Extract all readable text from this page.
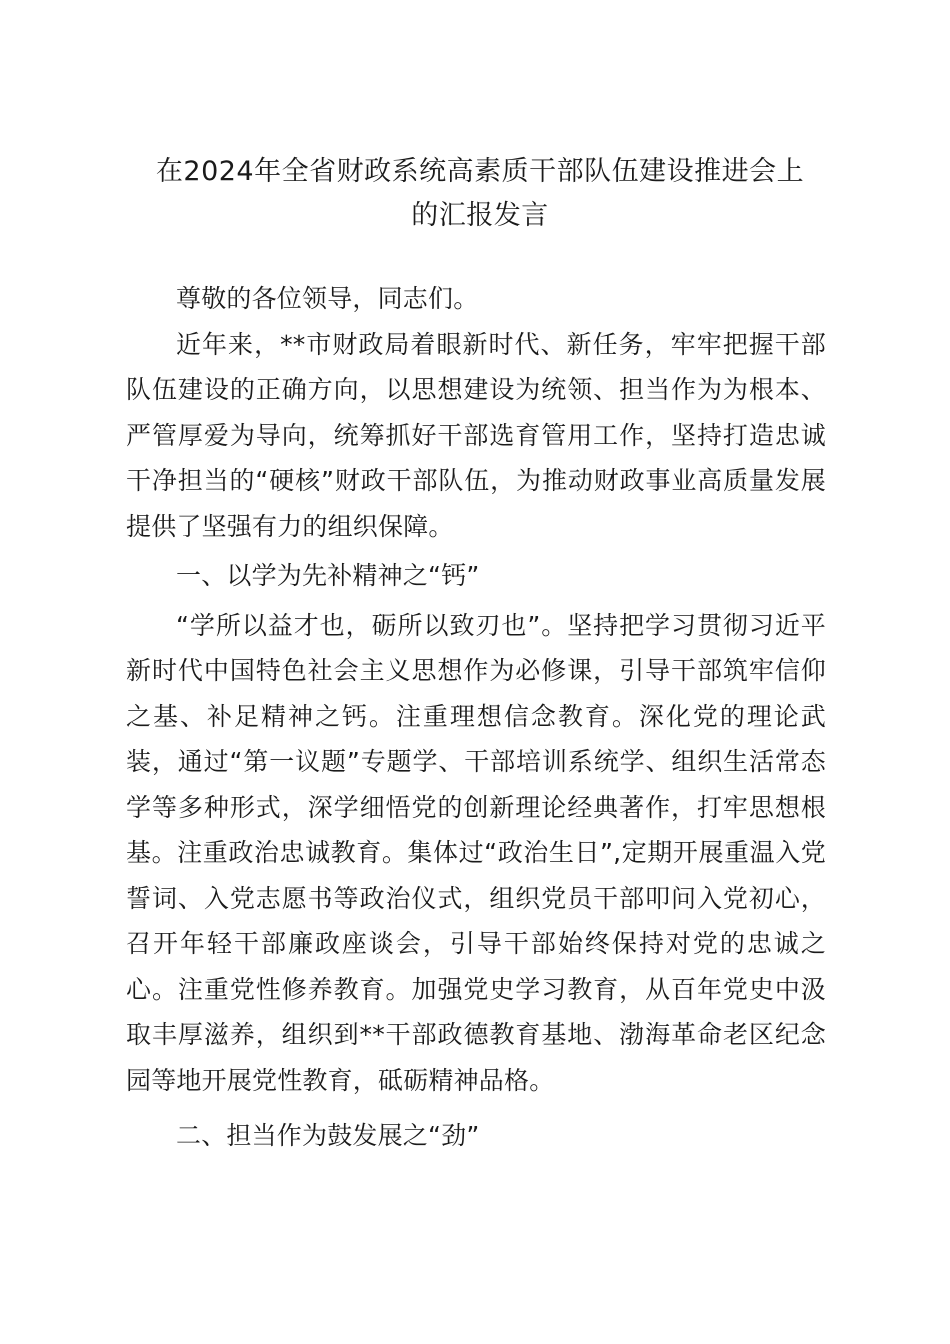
在2024年全省财政系统高素质干部队伍建设推进会上
的汇报发言

尊敬的各位领导，同志们。

近年来，**市财政局着眼新时代、新任务，牢牢把握干部队伍建设的正确方向，以思想建设为统领、担当作为为根本、严管厚爱为导向，统筹抓好干部选育管用工作，坚持打造忠诚干净担当的“硬核”财政干部队伍，为推动财政事业高质量发展提供了坚强有力的组织保障。

一、以学为先补精神之“钙”

“学所以益才也，砺所以致刃也”。坚持把学习贯彻习近平新时代中国特色社会主义思想作为必修课，引导干部筑牢信仰之基、补足精神之钙。注重理想信念教育。深化党的理论武装，通过“第一议题”专题学、干部培训系统学、组织生活常态学等多种形式，深学细悟党的创新理论经典著作，打牢思想根基。注重政治忠诚教育。集体过“政治生日”,定期开展重温入党誓词、入党志愿书等政治仪式，组织党员干部叩问入党初心，召开年轻干部廉政座谈会，引导干部始终保持对党的忠诚之心。注重党性修养教育。加强党史学习教育，从百年党史中汲取丰厚滋养，组织到**干部政德教育基地、渤海革命老区纪念园等地开展党性教育，砥砺精神品格。

二、担当作为鼓发展之“劲”
